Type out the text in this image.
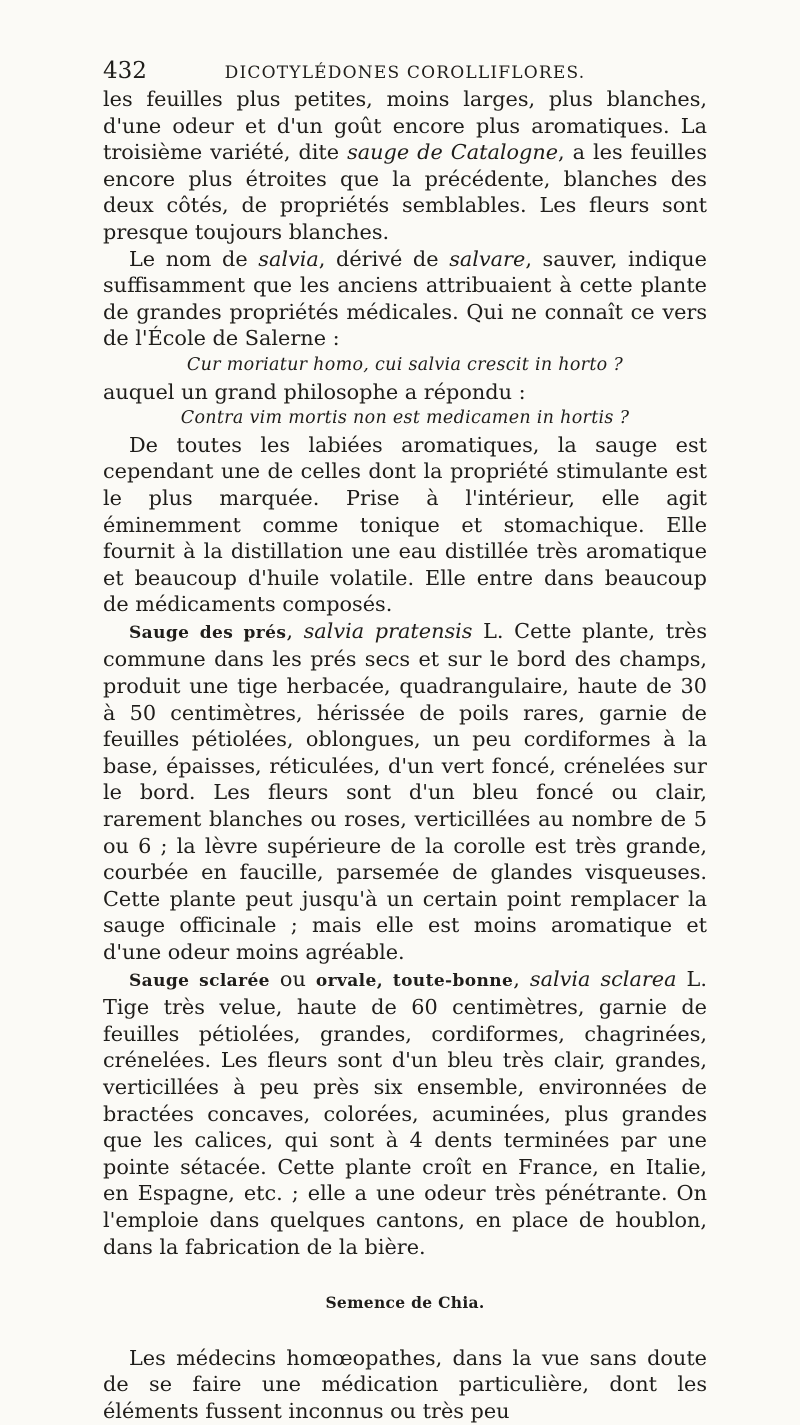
432	DICOTYLÉDONES COROLLIFLORES.

les feuilles plus petites, moins larges, plus blanches, d'une odeur et d'un goût encore plus aromatiques. La troisième variété, dite sauge de Catalogne, a les feuilles encore plus étroites que la précédente, blanches des deux côtés, de propriétés semblables. Les fleurs sont presque toujours blanches.

Le nom de salvia, dérivé de salvare, sauver, indique suffisamment que les anciens attribuaient à cette plante de grandes propriétés médicales. Qui ne connaît ce vers de l'École de Salerne :

Cur moriatur homo, cui salvia crescit in horto ?

auquel un grand philosophe a répondu :

Contra vim mortis non est medicamen in hortis ?

De toutes les labiées aromatiques, la sauge est cependant une de celles dont la propriété stimulante est le plus marquée. Prise à l'intérieur, elle agit éminemment comme tonique et stomachique. Elle fournit à la distillation une eau distillée très aromatique et beaucoup d'huile volatile. Elle entre dans beaucoup de médicaments composés.

Sauge des prés, salvia pratensis L. Cette plante, très commune dans les prés secs et sur le bord des champs, produit une tige herbacée, quadrangulaire, haute de 30 à 50 centimètres, hérissée de poils rares, garnie de feuilles pétiolées, oblongues, un peu cordiformes à la base, épaisses, réticulées, d'un vert foncé, crénelées sur le bord. Les fleurs sont d'un bleu foncé ou clair, rarement blanches ou roses, verticillées au nombre de 5 ou 6 ; la lèvre supérieure de la corolle est très grande, courbée en faucille, parsemée de glandes visqueuses. Cette plante peut jusqu'à un certain point remplacer la sauge officinale ; mais elle est moins aromatique et d'une odeur moins agréable.

Sauge sclarée ou orvale, toute-bonne, salvia sclarea L. Tige très velue, haute de 60 centimètres, garnie de feuilles pétiolées, grandes, cordiformes, chagrinées, crénelées. Les fleurs sont d'un bleu très clair, grandes, verticillées à peu près six ensemble, environnées de bractées concaves, colorées, acuminées, plus grandes que les calices, qui sont à 4 dents terminées par une pointe sétacée. Cette plante croît en France, en Italie, en Espagne, etc. ; elle a une odeur très pénétrante. On l'emploie dans quelques cantons, en place de houblon, dans la fabrication de la bière.

Semence de Chia.

Les médecins homœopathes, dans la vue sans doute de se faire une médication particulière, dont les éléments fussent inconnus ou très peu
